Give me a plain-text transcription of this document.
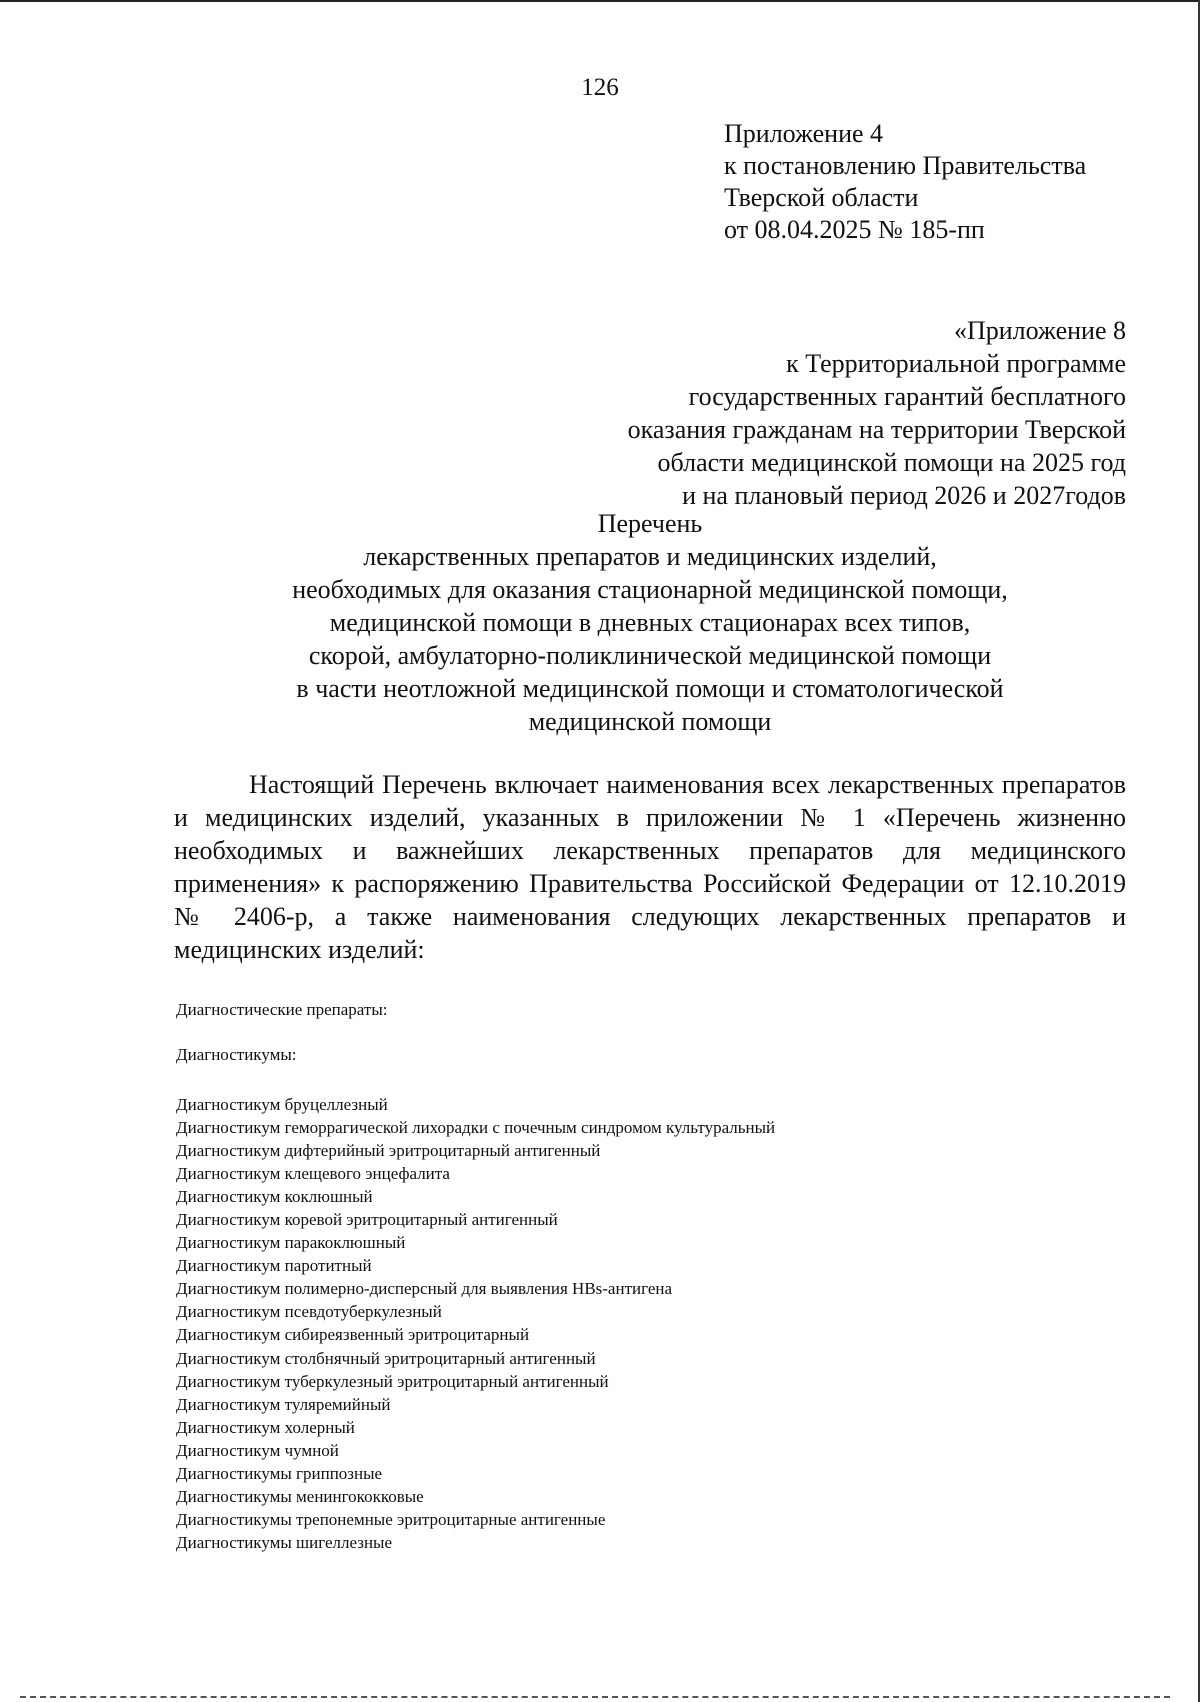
126
Приложение 4
к постановлению Правительства
Тверской области
от 08.04.2025 № 185-пп
«Приложение 8
к Территориальной программе
государственных гарантий бесплатного
оказания гражданам на территории Тверской
области медицинской помощи на 2025 год
и на плановый период 2026 и 2027годов
Перечень
лекарственных препаратов и медицинских изделий,
необходимых для оказания стационарной медицинской помощи,
медицинской помощи в дневных стационарах всех типов,
скорой, амбулаторно-поликлинической медицинской помощи
в части неотложной медицинской помощи и стоматологической
медицинской помощи

Настоящий Перечень включает наименования всех лекарственных препаратов и медицинских изделий, указанных в приложении № 1 «Перечень жизненно необходимых и важнейших лекарственных препаратов для медицинского применения» к распоряжению Правительства Российской Федерации от 12.10.2019 № 2406-р, а также наименования следующих лекарственных препаратов и медицинских изделий:

Диагностические препараты:
Диагностикумы:
Диагностикум бруцеллезный
Диагностикум геморрагической лихорадки с почечным синдромом культуральный
Диагностикум дифтерийный эритроцитарный антигенный
Диагностикум клещевого энцефалита
Диагностикум коклюшный
Диагностикум коревой эритроцитарный антигенный
Диагностикум паракоклюшный
Диагностикум паротитный
Диагностикум полимерно-дисперсный для выявления HBs-антигена
Диагностикум псевдотуберкулезный
Диагностикум сибиреязвенный эритроцитарный
Диагностикум столбнячный эритроцитарный антигенный
Диагностикум туберкулезный эритроцитарный антигенный
Диагностикум туляремийный
Диагностикум холерный
Диагностикум чумной
Диагностикумы гриппозные
Диагностикумы менингококковые
Диагностикумы трепонемные эритроцитарные антигенные
Диагностикумы шигеллезные
